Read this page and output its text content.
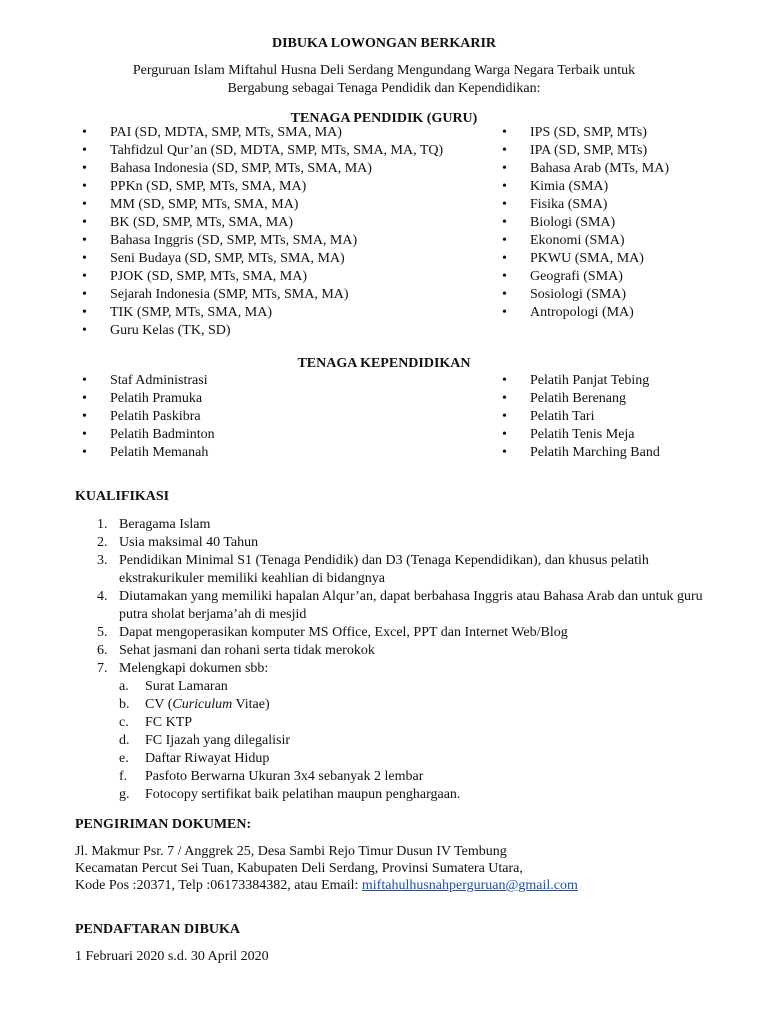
DIBUKA LOWONGAN BERKARIR
Perguruan Islam Miftahul Husna Deli Serdang Mengundang Warga Negara Terbaik untuk
Bergabung sebagai Tenaga Pendidik dan Kependidikan:
TENAGA PENDIDIK (GURU)
• PAI (SD, MDTA, SMP, MTs, SMA, MA)
• Tahfidzul Qur’an (SD, MDTA, SMP, MTs, SMA, MA, TQ)
• Bahasa Indonesia (SD, SMP, MTs, SMA, MA)
• PPKn (SD, SMP, MTs, SMA, MA)
• MM (SD, SMP, MTs, SMA, MA)
• BK (SD, SMP, MTs, SMA, MA)
• Bahasa Inggris (SD, SMP, MTs, SMA, MA)
• Seni Budaya (SD, SMP, MTs, SMA, MA)
• PJOK (SD, SMP, MTs, SMA, MA)
• Sejarah Indonesia (SMP, MTs, SMA, MA)
• TIK (SMP, MTs, SMA, MA)
• Guru Kelas (TK, SD)
• IPS (SD, SMP, MTs)
• IPA (SD, SMP, MTs)
• Bahasa Arab (MTs, MA)
• Kimia (SMA)
• Fisika (SMA)
• Biologi (SMA)
• Ekonomi (SMA)
• PKWU (SMA, MA)
• Geografi (SMA)
• Sosiologi (SMA)
• Antropologi (MA)
TENAGA KEPENDIDIKAN
• Staf Administrasi
• Pelatih Pramuka
• Pelatih Paskibra
• Pelatih Badminton
• Pelatih Memanah
• Pelatih Panjat Tebing
• Pelatih Berenang
• Pelatih Tari
• Pelatih Tenis Meja
• Pelatih Marching Band
KUALIFIKASI
1. Beragama Islam
2. Usia maksimal 40 Tahun
3. Pendidikan Minimal S1 (Tenaga Pendidik) dan D3 (Tenaga Kependidikan), dan khusus pelatih ekstrakurikuler memiliki keahlian di bidangnya
4. Diutamakan yang memiliki hapalan Alqur’an, dapat berbahasa Inggris atau Bahasa Arab dan untuk guru putra sholat berjama’ah di mesjid
5. Dapat mengoperasikan komputer MS Office, Excel, PPT dan Internet Web/Blog
6. Sehat jasmani dan rohani serta tidak merokok
7. Melengkapi dokumen sbb:
a. Surat Lamaran
b. CV (Curiculum Vitae)
c. FC KTP
d. FC Ijazah yang dilegalisir
e. Daftar Riwayat Hidup
f. Pasfoto Berwarna Ukuran 3x4 sebanyak 2 lembar
g. Fotocopy sertifikat baik pelatihan maupun penghargaan.
PENGIRIMAN DOKUMEN:
Jl. Makmur Psr. 7 / Anggrek 25, Desa Sambi Rejo Timur Dusun IV Tembung
Kecamatan Percut Sei Tuan, Kabupaten Deli Serdang, Provinsi Sumatera Utara,
Kode Pos :20371, Telp :06173384382, atau Email: miftahulhusnahperguruan@gmail.com
PENDAFTARAN DIBUKA
1 Februari 2020 s.d. 30 April 2020
